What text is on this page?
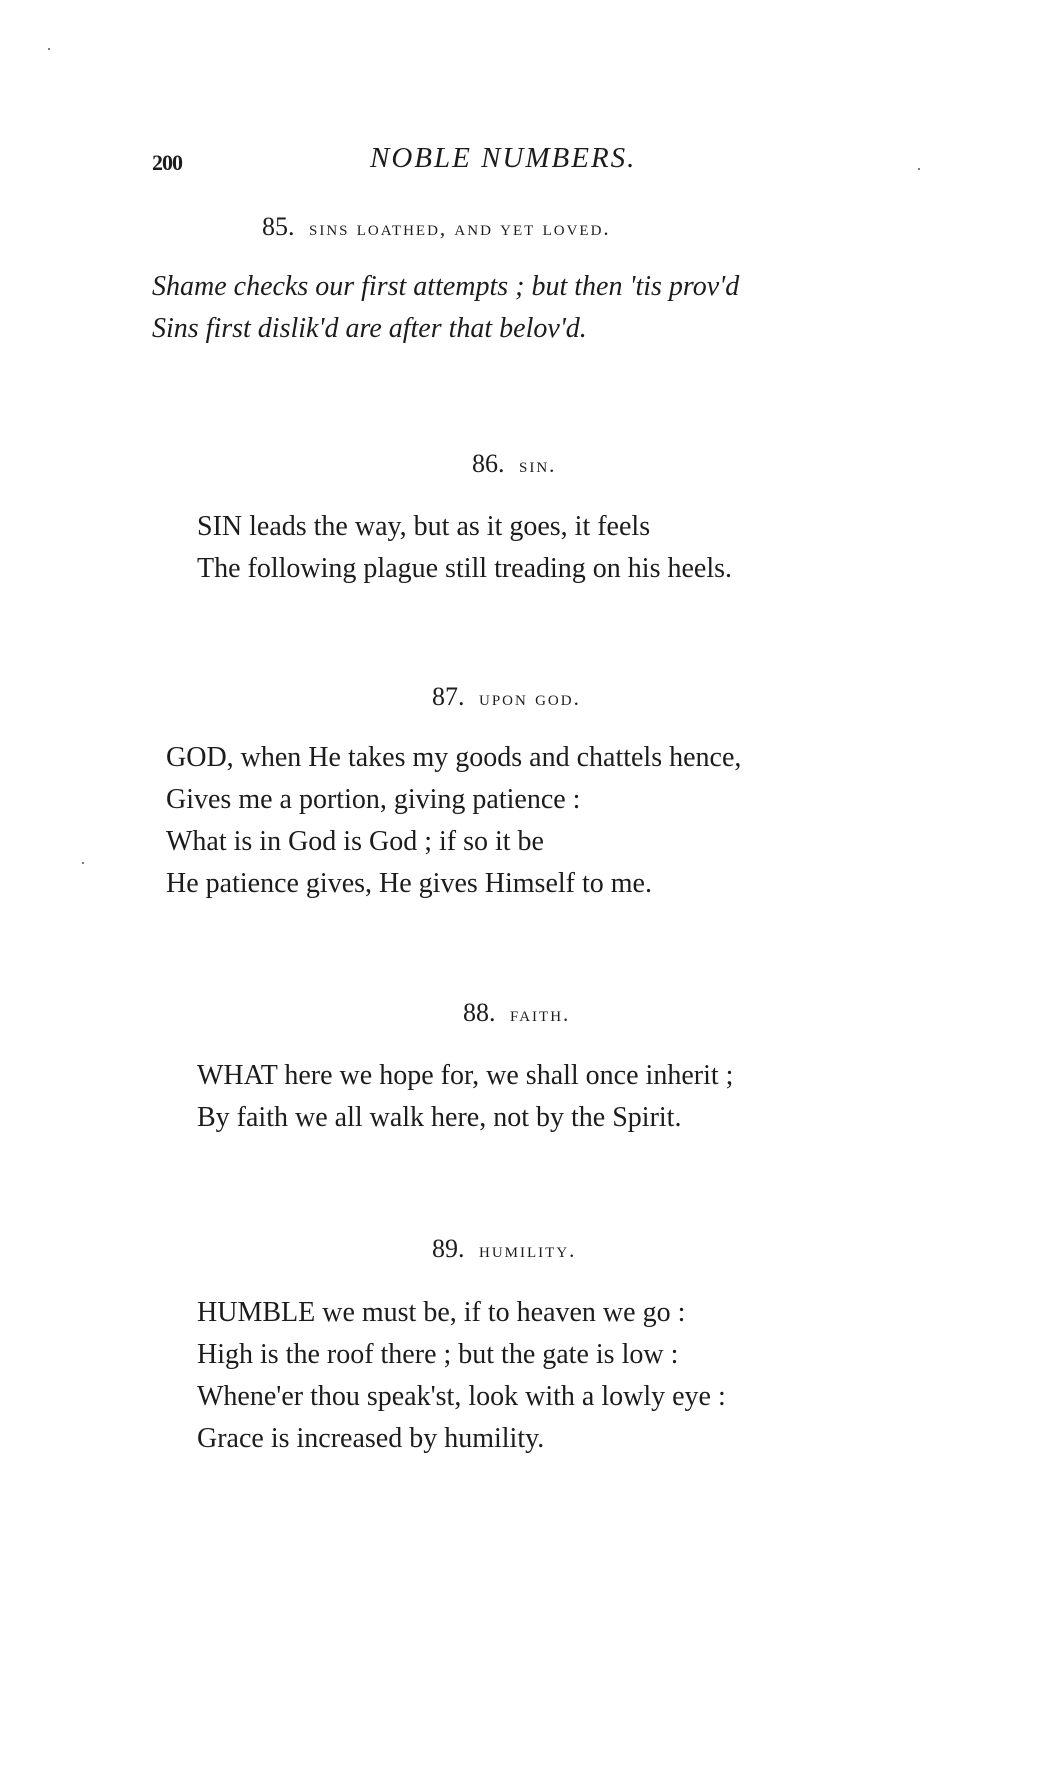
200	NOBLE NUMBERS.
85. sins loathed, and yet loved.
Shame checks our first attempts ; but then 'tis prov'd
Sins first dislik'd are after that belov'd.
86. sin.
SIN leads the way, but as it goes, it feels
The following plague still treading on his heels.
87. upon god.
GOD, when He takes my goods and chattels hence,
Gives me a portion, giving patience :
What is in God is God ; if so it be
He patience gives, He gives Himself to me.
88. faith.
WHAT here we hope for, we shall once inherit ;
By faith we all walk here, not by the Spirit.
89. humility.
HUMBLE we must be, if to heaven we go :
High is the roof there ; but the gate is low :
Whene'er thou speak'st, look with a lowly eye :
Grace is increased by humility.
